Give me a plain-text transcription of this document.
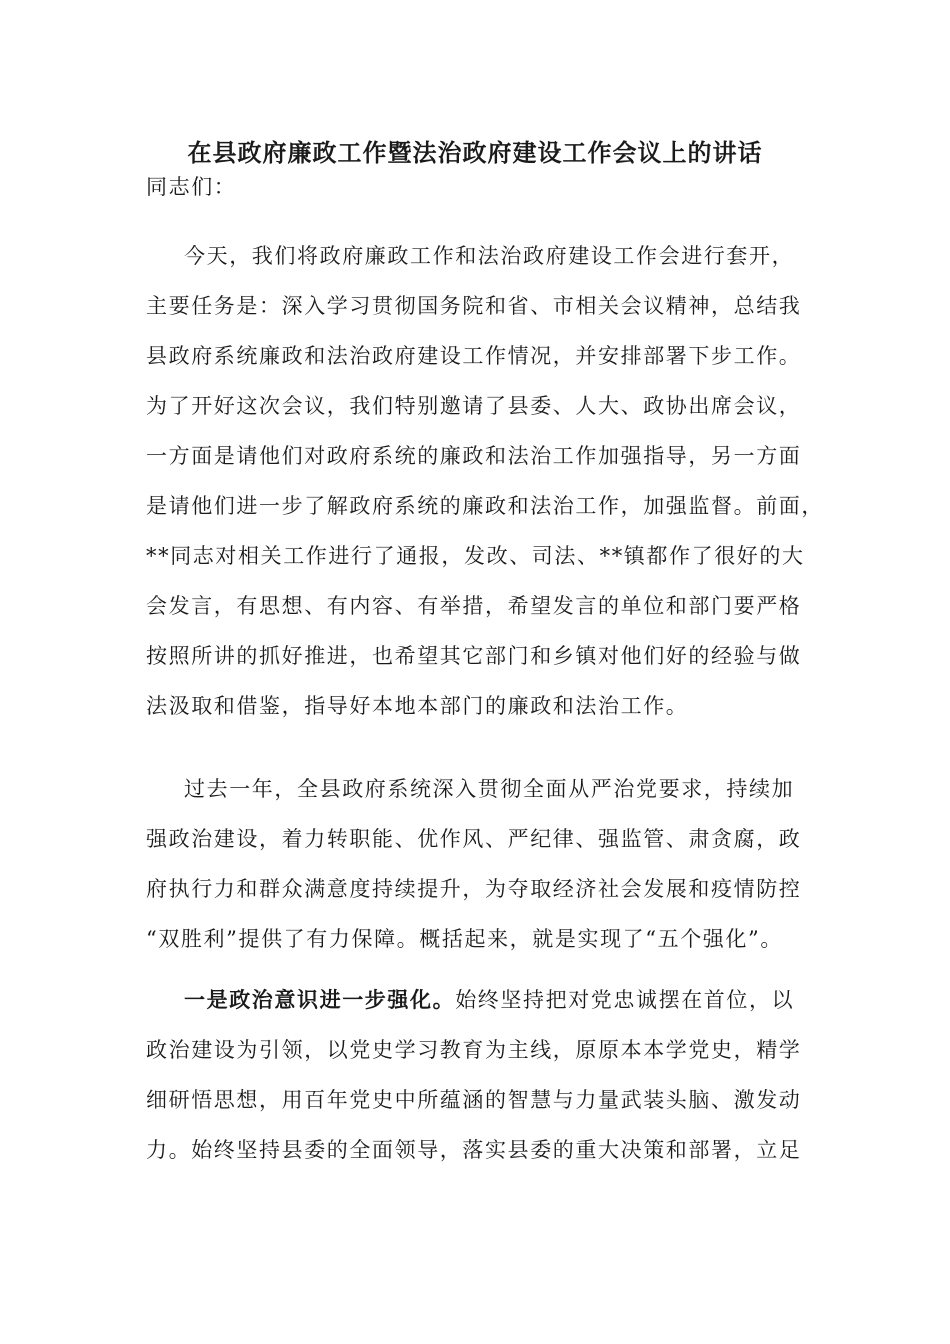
在县政府廉政工作暨法治政府建设工作会议上的讲话

同志们：

今天，我们将政府廉政工作和法治政府建设工作会进行套开，
主要任务是：深入学习贯彻国务院和省、市相关会议精神，总结我
县政府系统廉政和法治政府建设工作情况，并安排部署下步工作。
为了开好这次会议，我们特别邀请了县委、人大、政协出席会议，
一方面是请他们对政府系统的廉政和法治工作加强指导，另一方面
是请他们进一步了解政府系统的廉政和法治工作，加强监督。前面，
**同志对相关工作进行了通报，发改、司法、**镇都作了很好的大
会发言，有思想、有内容、有举措，希望发言的单位和部门要严格
按照所讲的抓好推进，也希望其它部门和乡镇对他们好的经验与做
法汲取和借鉴，指导好本地本部门的廉政和法治工作。
过去一年，全县政府系统深入贯彻全面从严治党要求，持续加
强政治建设，着力转职能、优作风、严纪律、强监管、肃贪腐，政
府执行力和群众满意度持续提升，为夺取经济社会发展和疫情防控
“双胜利”提供了有力保障。概括起来，就是实现了“五个强化”。
一是政治意识进一步强化。始终坚持把对党忠诚摆在首位，以
政治建设为引领，以党史学习教育为主线，原原本本学党史，精学
细研悟思想，用百年党史中所蕴涵的智慧与力量武装头脑、激发动
力。始终坚持县委的全面领导，落实县委的重大决策和部署，立足
